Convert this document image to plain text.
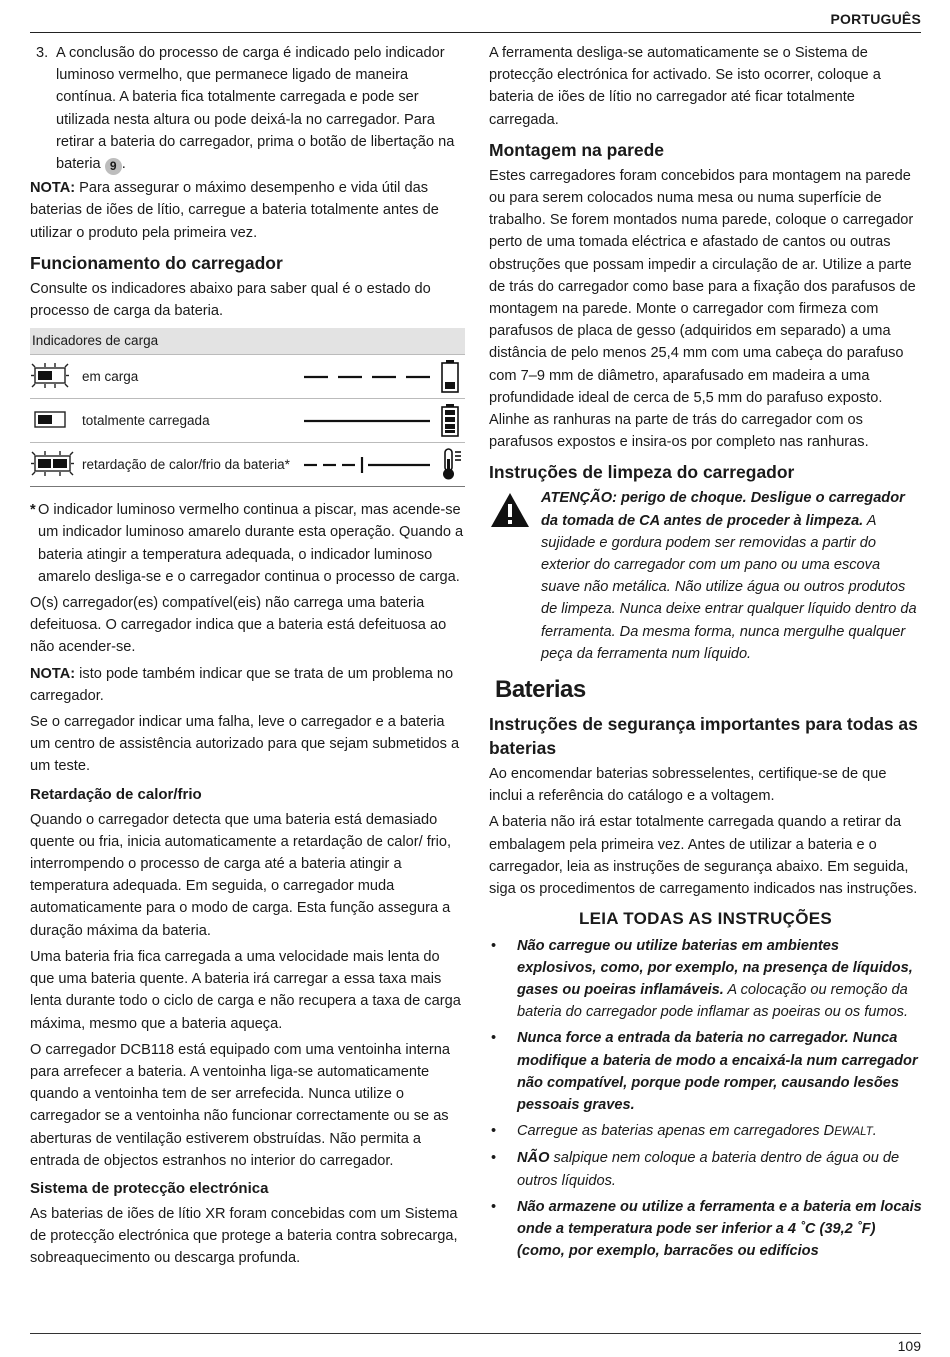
PORTUGUÊS
3. A conclusão do processo de carga é indicado pelo indicador luminoso vermelho, que permanece ligado de maneira contínua. A bateria fica totalmente carregada e pode ser utilizada nesta altura ou pode deixá-la no carregador. Para retirar a bateria do carregador, prima o botão de libertação na bateria 9 .

NOTA: Para assegurar o máximo desempenho e vida útil das baterias de iões de lítio, carregue a bateria totalmente antes de utilizar o produto pela primeira vez.

Funcionamento do carregador

Consulte os indicadores abaixo para saber qual é o estado do processo de carga da bateria.

Indicadores de carga
em carga
totalmente carregada
retardação de calor/frio da bateria*
* O indicador luminoso vermelho continua a piscar, mas acende-se um indicador luminoso amarelo durante esta operação. Quando a bateria atingir a temperatura adequada, o indicador luminoso amarelo desliga-se e o carregador continua o processo de carga.

O(s) carregador(es) compatível(eis) não carrega uma bateria defeituosa. O carregador indica que a bateria está defeituosa ao não acender-se.

NOTA: isto pode também indicar que se trata de um problema no carregador.

Se o carregador indicar uma falha, leve o carregador e a bateria um centro de assistência autorizado para que sejam submetidos a um teste.

Retardação de calor/frio

Quando o carregador detecta que uma bateria está demasiado quente ou fria, inicia automaticamente a retardação de calor/ frio, interrompendo o processo de carga até a bateria atingir a temperatura adequada. Em seguida, o carregador muda automaticamente para o modo de carga. Esta função assegura a duração máxima da bateria.

Uma bateria fria fica carregada a uma velocidade mais lenta do que uma bateria quente. A bateria irá carregar a essa taxa mais lenta durante todo o ciclo de carga e não recupera a taxa de carga máxima, mesmo que a bateria aqueça.

O carregador DCB118 está equipado com uma ventoinha interna para arrefecer a bateria. A ventoinha liga-se automaticamente quando a ventoinha tem de ser arrefecida. Nunca utilize o carregador se a ventoinha não funcionar correctamente ou se as aberturas de ventilação estiverem obstruídas. Não permita a entrada de objectos estranhos no interior do carregador.

Sistema de protecção electrónica

As baterias de iões de lítio XR foram concebidas com um Sistema de protecção electrónica que protege a bateria contra sobrecarga, sobreaquecimento ou descarga profunda.

A ferramenta desliga-se automaticamente se o Sistema de protecção electrónica for activado. Se isto ocorrer, coloque a bateria de iões de lítio no carregador até ficar totalmente carregada.

Montagem na parede

Estes carregadores foram concebidos para montagem na parede ou para serem colocados numa mesa ou numa superfície de trabalho. Se forem montados numa parede, coloque o carregador perto de uma tomada eléctrica e afastado de cantos ou outras obstruções que possam impedir a circulação de ar. Utilize a parte de trás do carregador como base para a fixação dos parafusos de montagem na parede. Monte o carregador com firmeza com parafusos de placa de gesso (adquiridos em separado) a uma distância de pelo menos 25,4 mm com uma cabeça do parafuso com 7–9 mm de diâmetro, aparafusado em madeira a uma profundidade ideal de cerca de 5,5 mm do parafuso exposto. Alinhe as ranhuras na parte de trás do carregador com os parafusos expostos e insira-os por completo nas ranhuras.

Instruções de limpeza do carregador
ATENÇÃO: perigo de choque. Desligue o carregador da tomada de CA antes de proceder à limpeza. A sujidade e gordura podem ser removidas a partir do exterior do carregador com um pano ou uma escova suave não metálica. Não utilize água ou outros produtos de limpeza. Nunca deixe entrar qualquer líquido dentro da ferramenta. Da mesma forma, nunca mergulhe qualquer peça da ferramenta num líquido.
Baterias
Instruções de segurança importantes para todas as baterias

Ao encomendar baterias sobresselentes, certifique-se de que inclui a referência do catálogo e a voltagem.

A bateria não irá estar totalmente carregada quando a retirar da embalagem pela primeira vez. Antes de utilizar a bateria e o carregador, leia as instruções de segurança abaixo. Em seguida, siga os procedimentos de carregamento indicados nas instruções.

LEIA TODAS AS INSTRUÇÕES
•	Não carregue ou utilize baterias em ambientes explosivos, como, por exemplo, na presença de líquidos, gases ou poeiras inflamáveis. A colocação ou remoção da bateria do carregador pode inflamar as poeiras ou os fumos.
•	Nunca force a entrada da bateria no carregador. Nunca modifique a bateria de modo a encaixá-la num carregador não compatível, porque pode romper, causando lesões pessoais graves.
•	Carregue as baterias apenas em carregadores DEWALT.
•	NÃO salpique nem coloque a bateria dentro de água ou de outros líquidos.
•	Não armazene ou utilize a ferramenta e a bateria em locais onde a temperatura pode ser inferior a 4 ˚C (39,2 ˚F) (como, por exemplo, barracões ou edifícios
109
